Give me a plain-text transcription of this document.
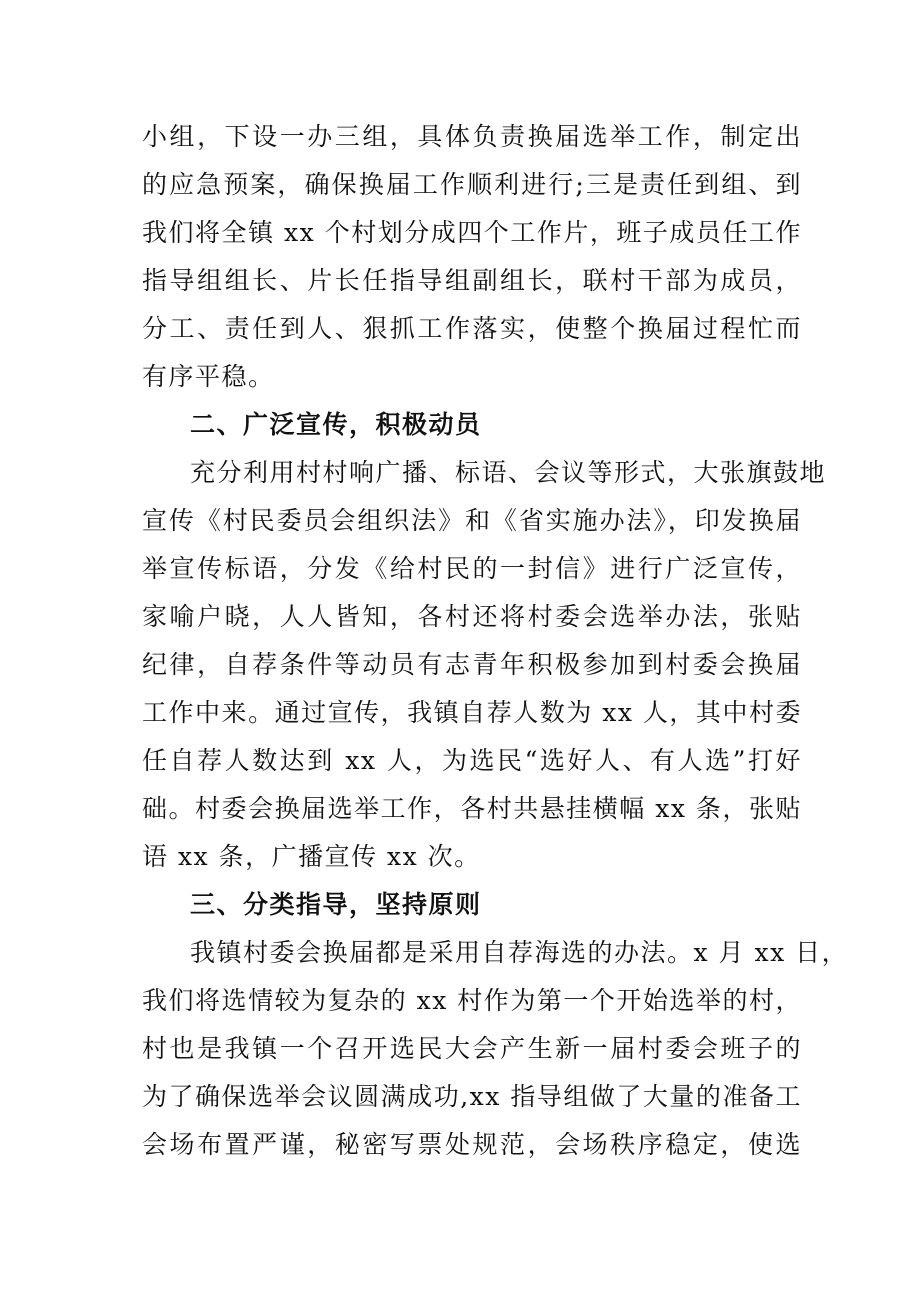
小组，下设一办三组，具体负责换届选举工作，制定出
的应急预案，确保换届工作顺利进行;三是责任到组、到
我们将全镇 xx 个村划分成四个工作片，班子成员任工作
指导组组长、片长任指导组副组长，联村干部为成员，
分工、责任到人、狠抓工作落实，使整个换届过程忙而
有序平稳。
二、广泛宣传，积极动员
充分利用村村响广播、标语、会议等形式，大张旗鼓地
宣传《村民委员会组织法》和《省实施办法》，印发换届
举宣传标语，分发《给村民的一封信》进行广泛宣传，
家喻户晓，人人皆知，各村还将村委会选举办法，张贴
纪律，自荐条件等动员有志青年积极参加到村委会换届
工作中来。通过宣传，我镇自荐人数为 xx 人，其中村委
任自荐人数达到 xx 人，为选民“选好人、有人选”打好
础。村委会换届选举工作，各村共悬挂横幅 xx 条，张贴
语 xx 条，广播宣传 xx 次。
三、分类指导，坚持原则
我镇村委会换届都是采用自荐海选的办法。x 月 xx 日，
我们将选情较为复杂的 xx 村作为第一个开始选举的村，
村也是我镇一个召开选民大会产生新一届村委会班子的
为了确保选举会议圆满成功,xx 指导组做了大量的准备工
会场布置严谨，秘密写票处规范，会场秩序稳定，使选
